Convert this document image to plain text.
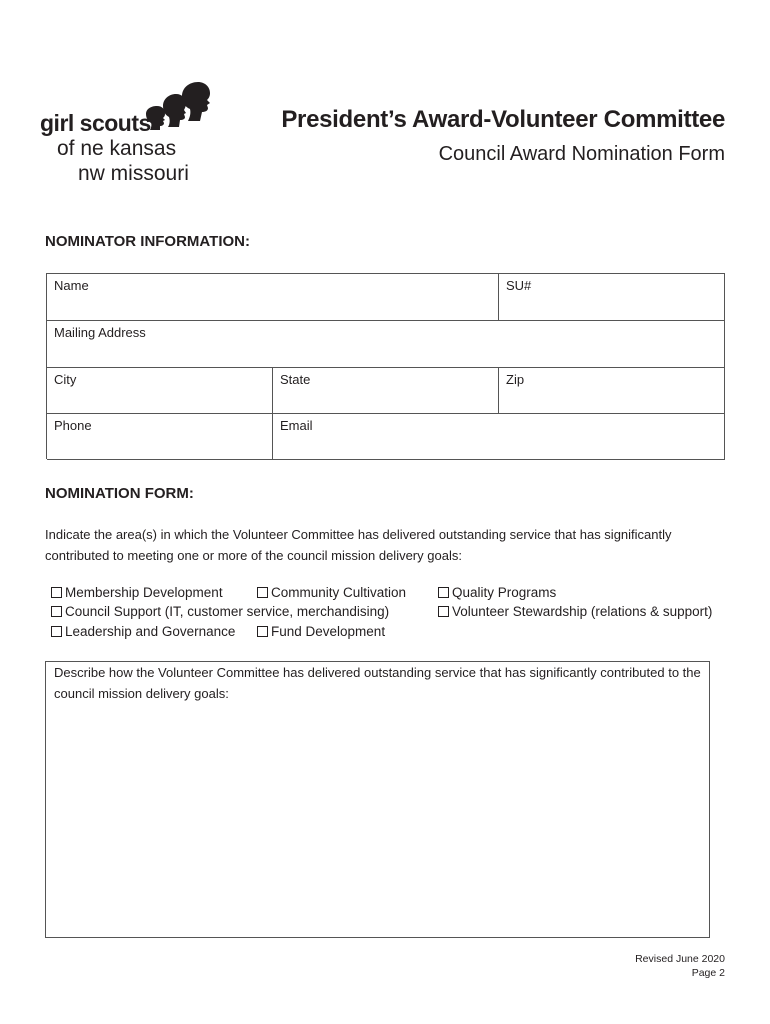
girl scouts
of ne kansas
nw missouri
President’s Award-Volunteer Committee
Council Award Nomination Form
NOMINATOR INFORMATION:
Name	SU#
Mailing Address
City	State	Zip
Phone	Email
NOMINATION FORM:
Indicate the area(s) in which the Volunteer Committee has delivered outstanding service that has significantly contributed to meeting one or more of the council mission delivery goals:
Membership Development	Community Cultivation	Quality Programs
Council Support (IT, customer service, merchandising)	Volunteer Stewardship (relations & support)
Leadership and Governance	Fund Development
Describe how the Volunteer Committee has delivered outstanding service that has significantly contributed to the council mission delivery goals:
Revised June 2020
Page 2
